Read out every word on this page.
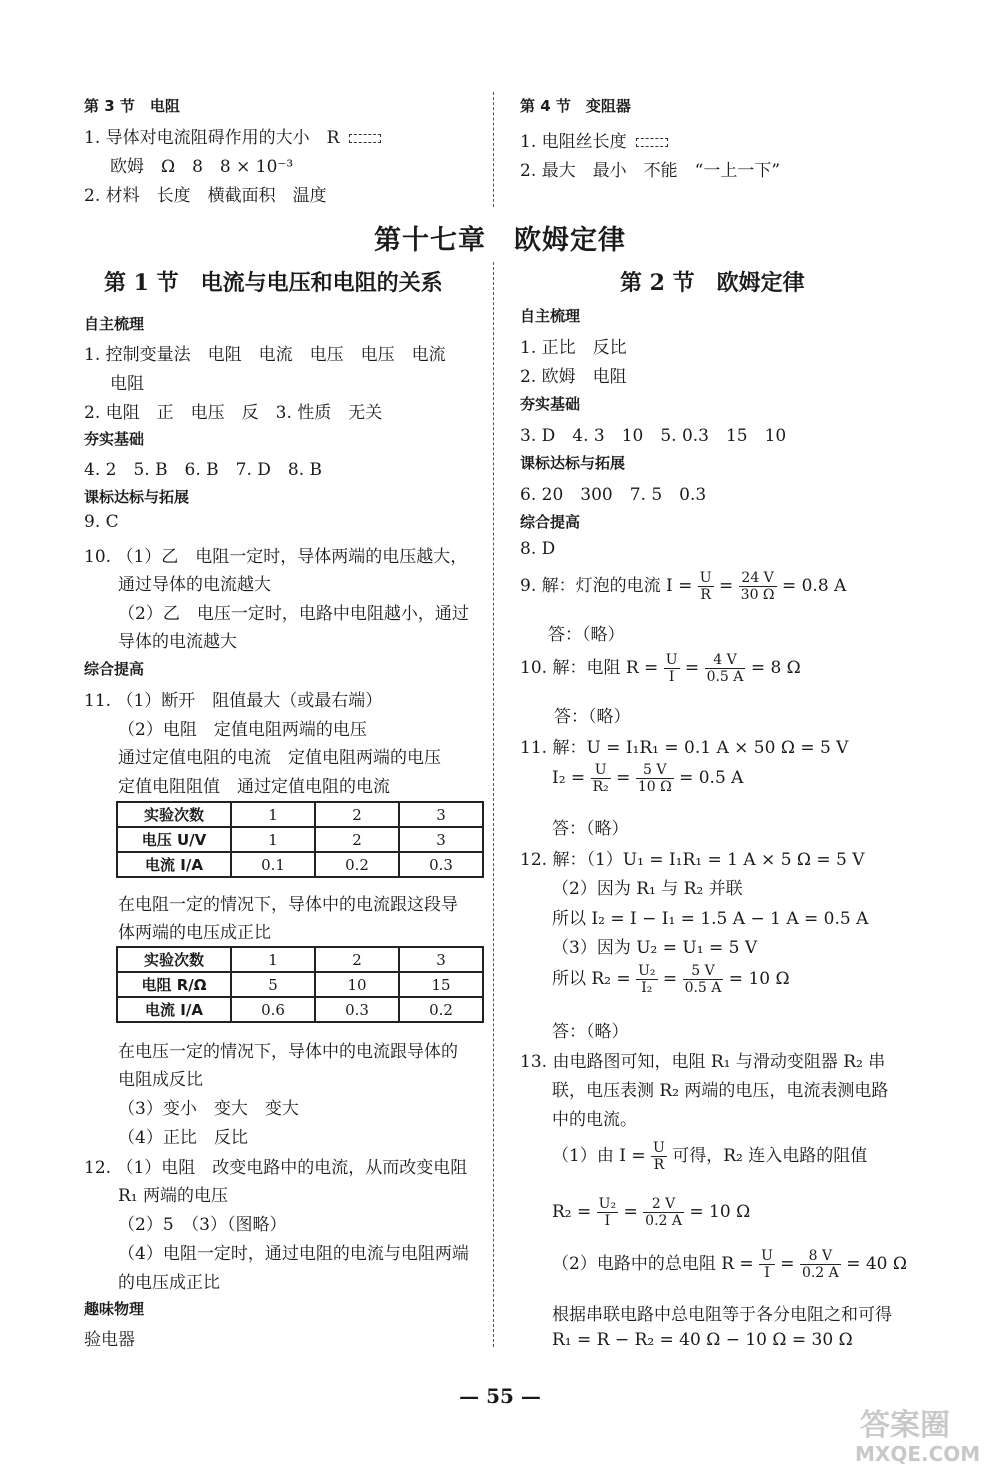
第 3 节　电阻
1. 导体对电流阻碍作用的大小　R
欧姆　Ω　8　8 × 10⁻³
2. 材料　长度　横截面积　温度
第 4 节　变阻器
1. 电阻丝长度
2. 最大　最小　不能　“一上一下”
第十七章　欧姆定律
第 1 节　电流与电压和电阻的关系
自主梳理
1. 控制变量法　电阻　电流　电压　电压　电流
电阻
2. 电阻　正　电压　反　3. 性质　无关
夯实基础
4. 2　5. B　6. B　7. D　8. B
课标达标与拓展
9. C
10. （1）乙　电阻一定时，导体两端的电压越大，
通过导体的电流越大
（2）乙　电压一定时，电路中电阻越小，通过
导体的电流越大
综合提高
11. （1）断开　阻值最大（或最右端）
（2）电阻　定值电阻两端的电压
通过定值电阻的电流　定值电阻两端的电压
定值电阻阻值　通过定值电阻的电流
实验次数	1	2	3
电压 U/V	1	2	3
电流 I/A	0.1	0.2	0.3
在电阻一定的情况下，导体中的电流跟这段导
体两端的电压成正比
实验次数	1	2	3
电阻 R/Ω	5	10	15
电流 I/A	0.6	0.3	0.2
在电压一定的情况下，导体中的电流跟导体的
电阻成反比
（3）变小　变大　变大
（4）正比　反比
12. （1）电阻　改变电路中的电流，从而改变电阻
R₁ 两端的电压
（2）5　（3）（图略）
（4）电阻一定时，通过电阻的电流与电阻两端
的电压成正比
趣味物理
验电器
第 2 节　欧姆定律
自主梳理
1. 正比　反比
2. 欧姆　电阻
夯实基础
3. D　4. 3　10　5. 0.3　15　10
课标达标与拓展
6. 20　300　7. 5　0.3
综合提高
8. D
9. 解：灯泡的电流 $I = \frac{U}{R} = \frac{24 V}{30 \Omega} = 0.8$ A
答：（略）
10. 解：电阻 $R = \frac{U}{I} = \frac{4 V}{0.5 A} = 8$ Ω
答：（略）
11. 解：U = I₁R₁ = 0.1 A × 50 Ω = 5 V
$I_2 = \frac{U}{\text{R₂}} = \frac{5 V}{10 \Omega} = 0.5$ A
答：（略）
12. 解：（1）U₁ = I₁R₁ = 1 A × 5 Ω = 5 V
（2）因为 R₁ 与 R₂ 并联
所以 I₂ = I − I₁ = 1.5 A − 1 A = 0.5 A
（3）因为 U₂ = U₁ = 5 V
所以 $R_2 = \frac{\text{U₂}}{\text{I₂}} = \frac{5 V}{0.5 A} = 10$ Ω
答：（略）
13. 由电路图可知，电阻 R₁ 与滑动变阻器 R₂ 串
联，电压表测 R₂ 两端的电压，电流表测电路
中的电流。
（1）由 $I = \frac{U}{R}$ 可得，R₂ 连入电路的阻值
$R_2 = \frac{\text{U₂}}{I} = \frac{2 V}{0.2 A} = 10$ Ω
（2）电路中的总电阻 $R = \frac{U}{I} = \frac{8 V}{0.2 A} = 40$ Ω
根据串联电路中总电阻等于各分电阻之和可得
R₁ = R − R₂ = 40 Ω − 10 Ω = 30 Ω
— 55 —
答案圈
MXQE.COM
